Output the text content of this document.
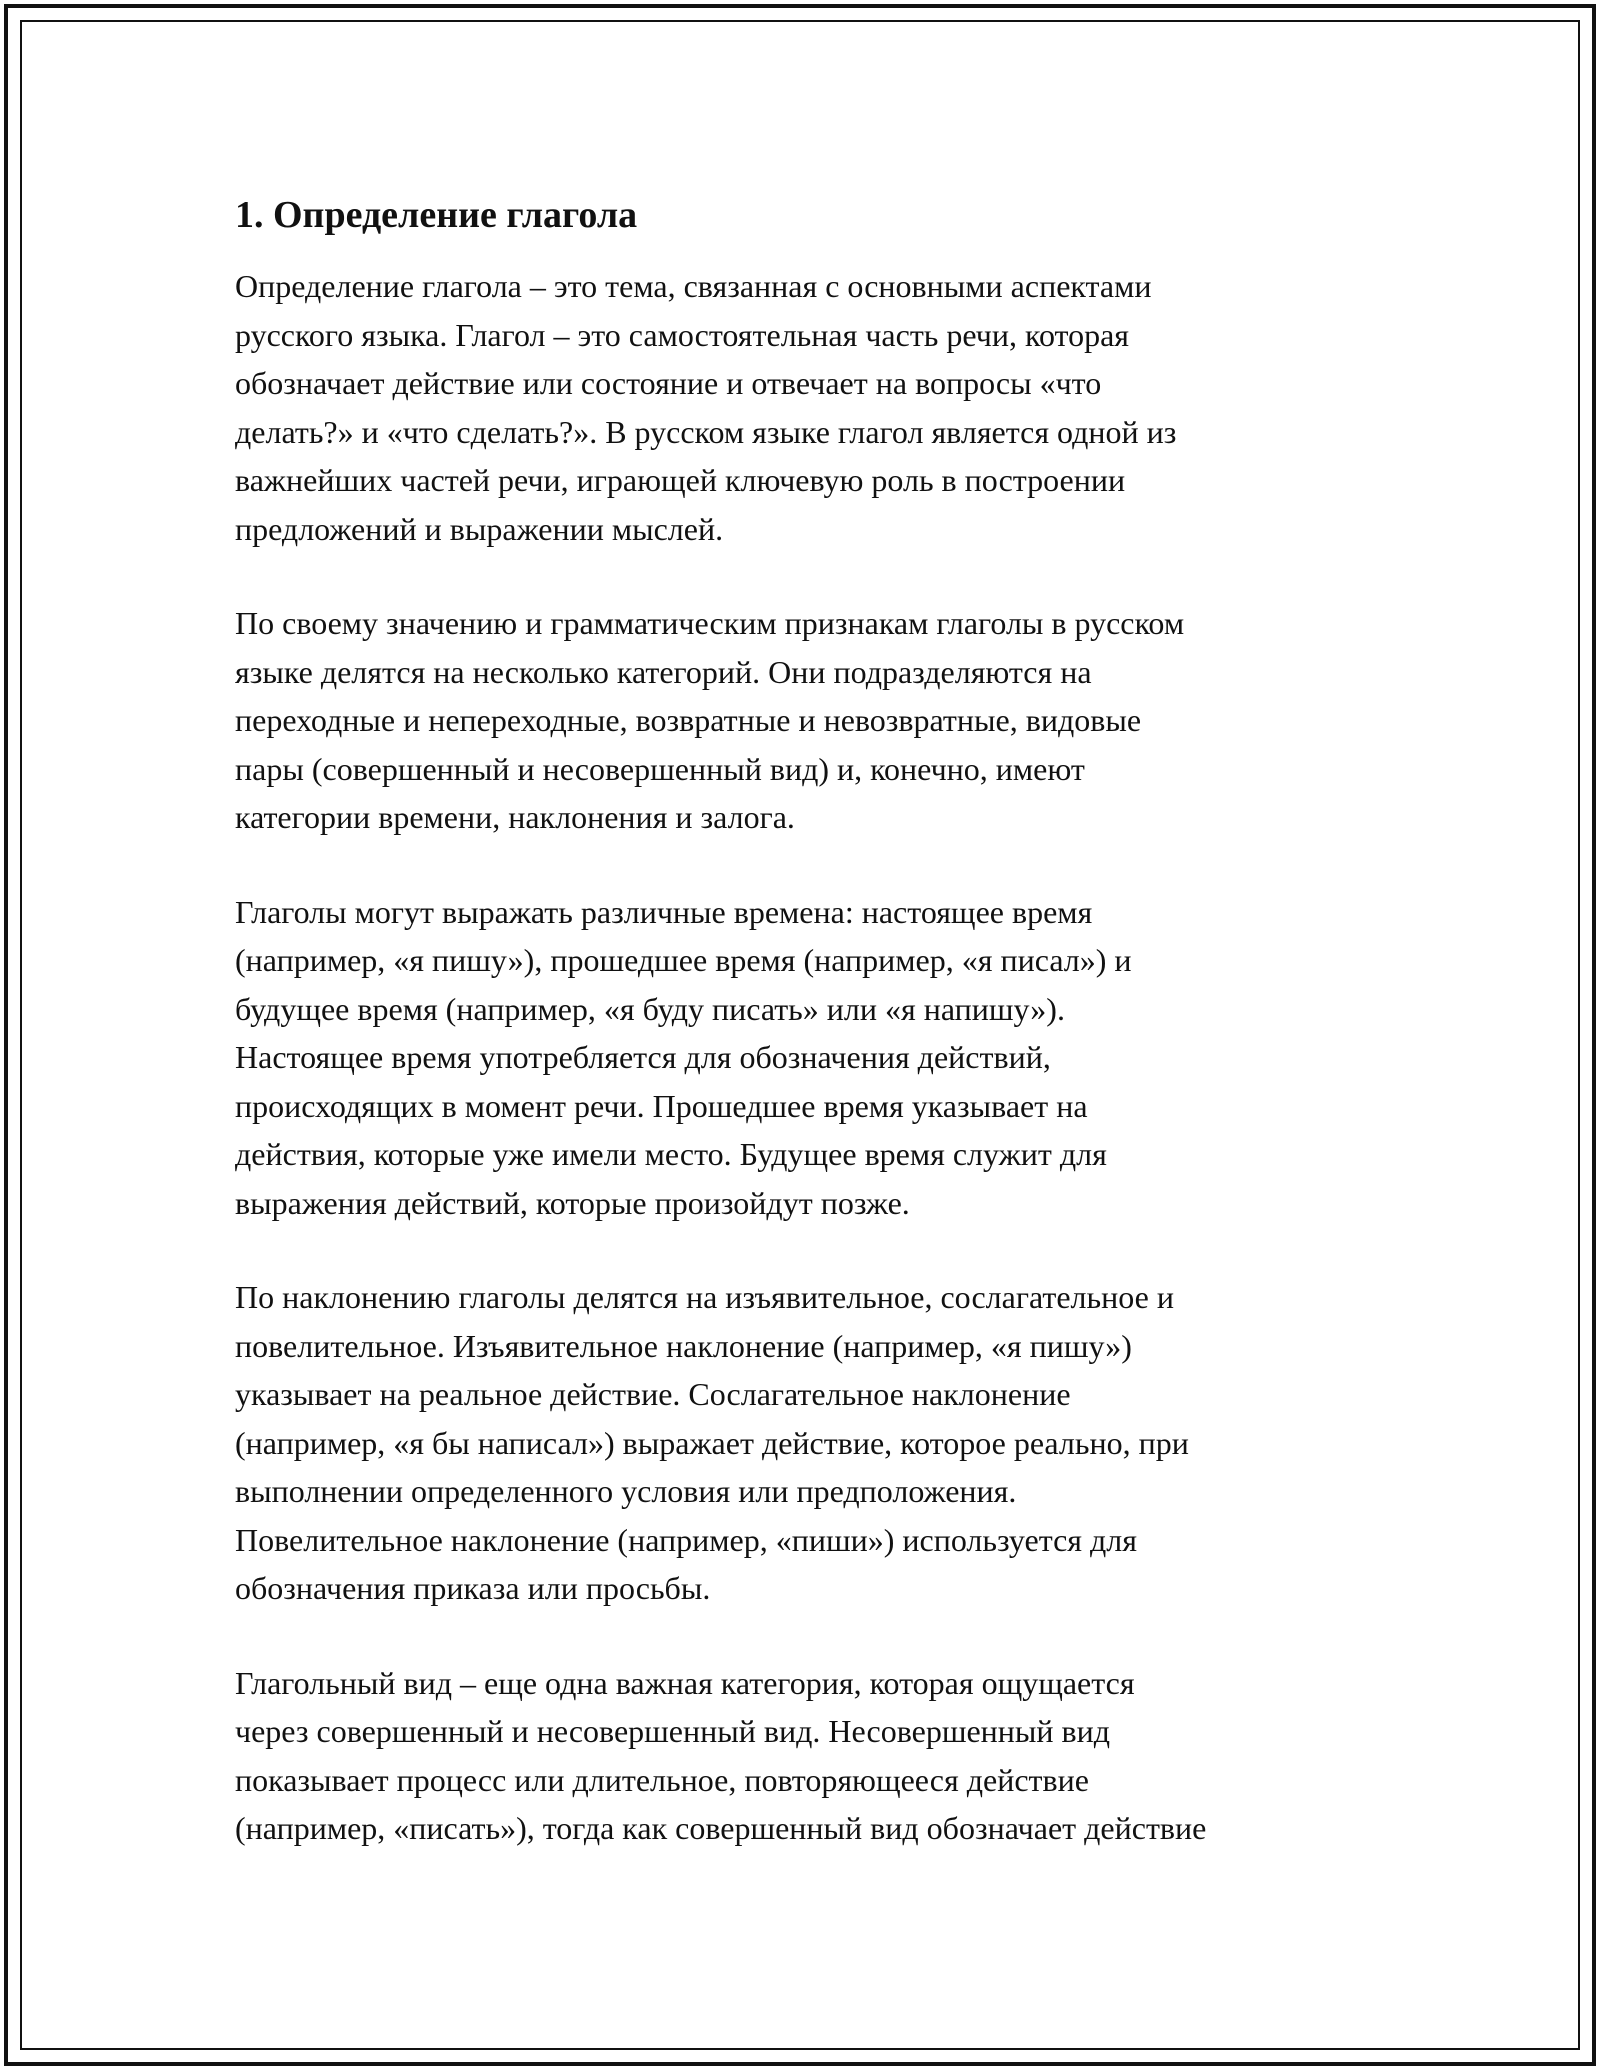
1. Определение глагола

Определение глагола – это тема, связанная с основными аспектами
русского языка. Глагол – это самостоятельная часть речи, которая
обозначает действие или состояние и отвечает на вопросы «что
делать?» и «что сделать?». В русском языке глагол является одной из
важнейших частей речи, играющей ключевую роль в построении
предложений и выражении мыслей.

По своему значению и грамматическим признакам глаголы в русском
языке делятся на несколько категорий. Они подразделяются на
переходные и непереходные, возвратные и невозвратные, видовые
пары (совершенный и несовершенный вид) и, конечно, имеют
категории времени, наклонения и залога.

Глаголы могут выражать различные времена: настоящее время
(например, «я пишу»), прошедшее время (например, «я писал») и
будущее время (например, «я буду писать» или «я напишу»).
Настоящее время употребляется для обозначения действий,
происходящих в момент речи. Прошедшее время указывает на
действия, которые уже имели место. Будущее время служит для
выражения действий, которые произойдут позже.

По наклонению глаголы делятся на изъявительное, сослагательное и
повелительное. Изъявительное наклонение (например, «я пишу»)
указывает на реальное действие. Сослагательное наклонение
(например, «я бы написал») выражает действие, которое реально, при
выполнении определенного условия или предположения.
Повелительное наклонение (например, «пиши») используется для
обозначения приказа или просьбы.

Глагольный вид – еще одна важная категория, которая ощущается
через совершенный и несовершенный вид. Несовершенный вид
показывает процесс или длительное, повторяющееся действие
(например, «писать»), тогда как совершенный вид обозначает действие
